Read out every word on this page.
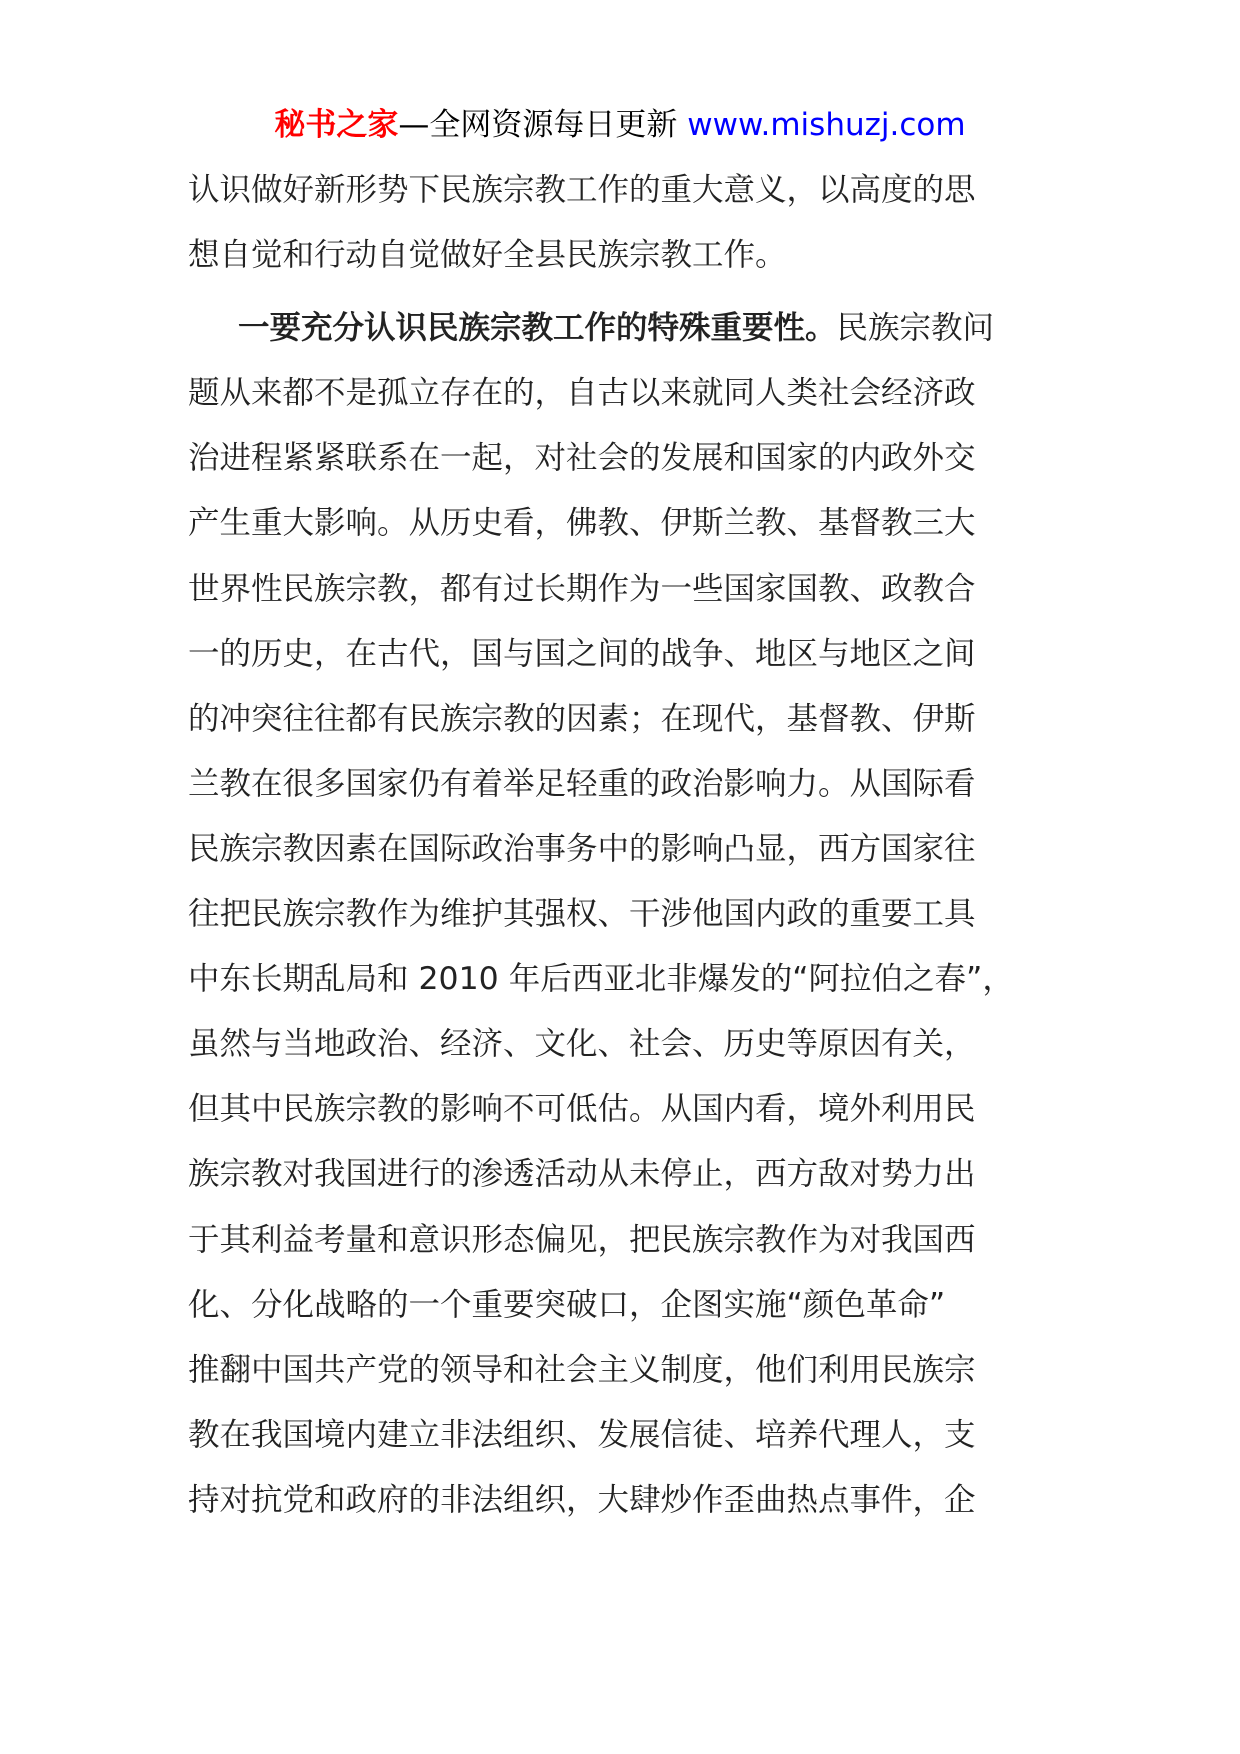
秘书之家—全网资源每日更新 www.mishuzj.com
认识做好新形势下民族宗教工作的重大意义，以高度的思
想自觉和行动自觉做好全县民族宗教工作。
一要充分认识民族宗教工作的特殊重要性。民族宗教问
题从来都不是孤立存在的，自古以来就同人类社会经济政
治进程紧紧联系在一起，对社会的发展和国家的内政外交
产生重大影响。从历史看，佛教、伊斯兰教、基督教三大
世界性民族宗教，都有过长期作为一些国家国教、政教合
一的历史，在古代，国与国之间的战争、地区与地区之间
的冲突往往都有民族宗教的因素；在现代，基督教、伊斯
兰教在很多国家仍有着举足轻重的政治影响力。从国际看
民族宗教因素在国际政治事务中的影响凸显，西方国家往
往把民族宗教作为维护其强权、干涉他国内政的重要工具
中东长期乱局和 2010 年后西亚北非爆发的“阿拉伯之春”，
虽然与当地政治、经济、文化、社会、历史等原因有关，
但其中民族宗教的影响不可低估。从国内看，境外利用民
族宗教对我国进行的渗透活动从未停止，西方敌对势力出
于其利益考量和意识形态偏见，把民族宗教作为对我国西
化、分化战略的一个重要突破口，企图实施“颜色革命”
推翻中国共产党的领导和社会主义制度，他们利用民族宗
教在我国境内建立非法组织、发展信徒、培养代理人，支
持对抗党和政府的非法组织，大肆炒作歪曲热点事件，企
